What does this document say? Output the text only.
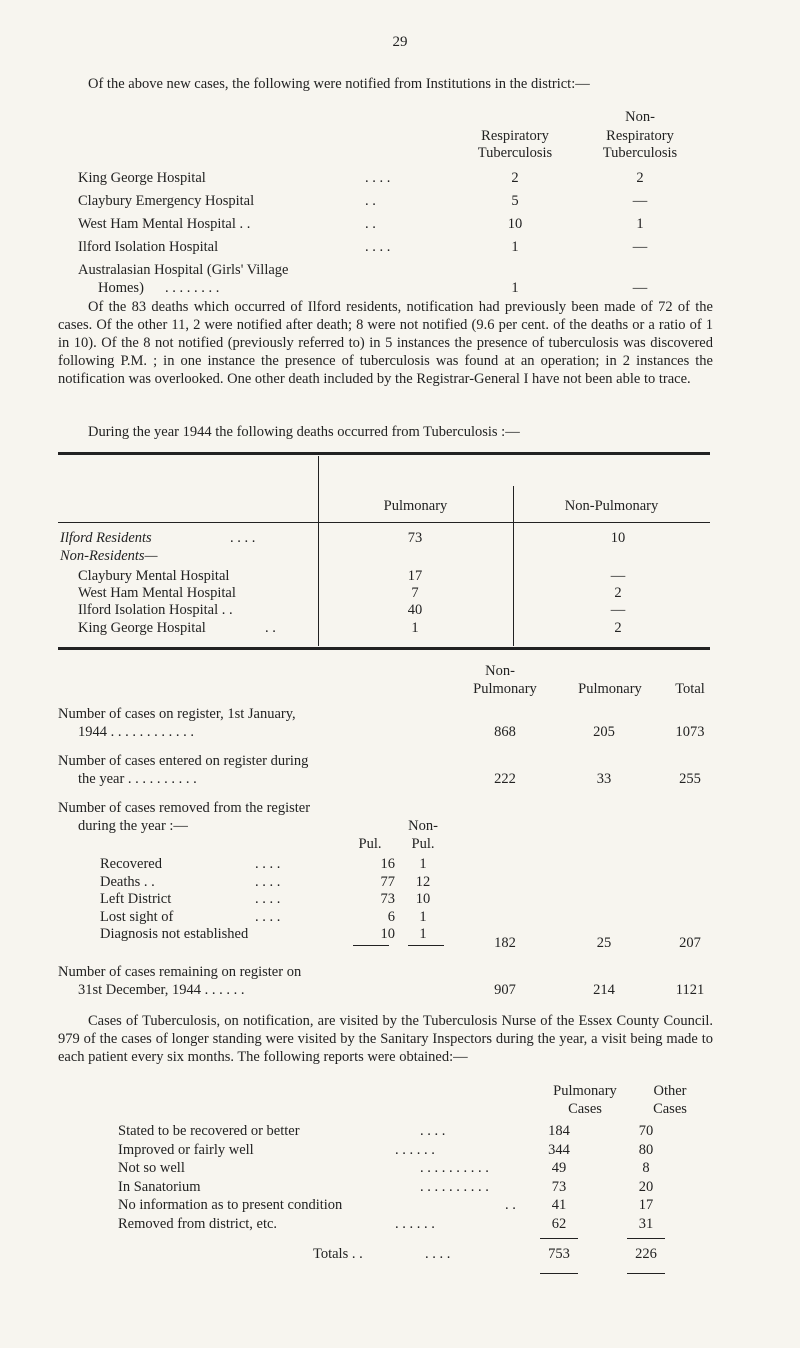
29
Of the above new cases, the following were notified from Institutions in the district:—
Respiratory Tuberculosis
Non-
Respiratory Tuberculosis
King George Hospital	. . . .	2	2
Claybury Emergency Hospital	. .	5	—
West Ham Mental Hospital . .	. .	10	1
Ilford Isolation Hospital	. . . .	1	—
Australasian Hospital (Girls' Village
Homes) . . . . . . . .	1	—
Of the 83 deaths which occurred of Ilford residents, notification had previously been made of 72 of the cases. Of the other 11, 2 were notified after death; 8 were not notified (9.6 per cent. of the deaths or a ratio of 1 in 10). Of the 8 not notified (previously referred to) in 5 instances the presence of tuberculosis was discovered following P.M. ; in one instance the presence of tuberculosis was found at an operation; in 2 instances the notification was overlooked. One other death included by the Registrar-General I have not been able to trace.
During the year 1944 the following deaths occurred from Tuberculosis :—
Pulmonary	Non-Pulmonary
Ilford Residents	. . . .	73	10
Non-Residents—
Claybury Mental Hospital	17	—
West Ham Mental Hospital	7	2
Ilford Isolation Hospital . .	40	—
King George Hospital	. .	1	2
Non-
Pulmonary	Pulmonary	Total
Number of cases on register, 1st January,
1944 . . . . . . . . . . . .	868	205	1073
Number of cases entered on register during
the year . . . . . . . . . .	222	33	255
Number of cases removed from the register
during the year :—	Non-
Pul.	Pul.
Recovered	. . . .	16	1
Deaths . .	. . . .	77	12
Left District	. . . .	73	10
Lost sight of	. . . .	6	1
Diagnosis not established	10	1
182	25	207
Number of cases remaining on register on
31st December, 1944 . . . . . .	907	214	1121
Cases of Tuberculosis, on notification, are visited by the Tuberculosis Nurse of the Essex County Council. 979 of the cases of longer standing were visited by the Sanitary Inspectors during the year, a visit being made to each patient every six months. The following reports were obtained:—
Pulmonary
Cases
Other
Cases
Stated to be recovered or better	. . . .	184	70
Improved or fairly well	. . . . . .	344	80
Not so well	. . . . . . . . . .	49	8
In Sanatorium	. . . . . . . . . .	73	20
No information as to present condition	. .	41	17
Removed from district, etc.	. . . . . .	62	31
Totals . .	. . . .	753	226
